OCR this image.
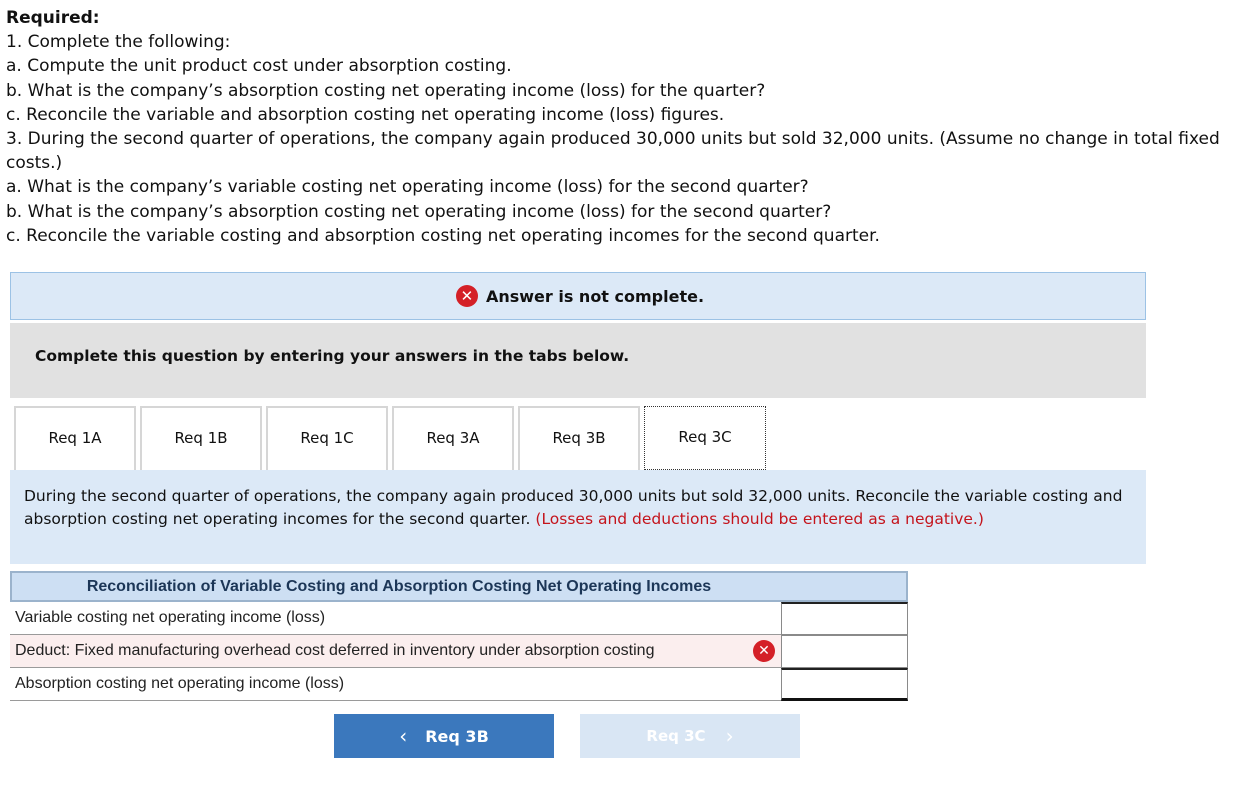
Required:
1. Complete the following:
a. Compute the unit product cost under absorption costing.
b. What is the company’s absorption costing net operating income (loss) for the quarter?
c. Reconcile the variable and absorption costing net operating income (loss) figures.
3. During the second quarter of operations, the company again produced 30,000 units but sold 32,000 units. (Assume no change in total fixed costs.)
a. What is the company’s variable costing net operating income (loss) for the second quarter?
b. What is the company’s absorption costing net operating income (loss) for the second quarter?
c. Reconcile the variable costing and absorption costing net operating incomes for the second quarter.
✕ Answer is not complete.
Complete this question by entering your answers in the tabs below.
Req 1A	Req 1B	Req 1C	Req 3A	Req 3B	Req 3C
During the second quarter of operations, the company again produced 30,000 units but sold 32,000 units. Reconcile the variable costing and absorption costing net operating incomes for the second quarter. (Losses and deductions should be entered as a negative.)
Reconciliation of Variable Costing and Absorption Costing Net Operating Incomes
Variable costing net operating income (loss)
Deduct: Fixed manufacturing overhead cost deferred in inventory under absorption costing	✕
Absorption costing net operating income (loss)
‹ Req 3B	Req 3C ›
